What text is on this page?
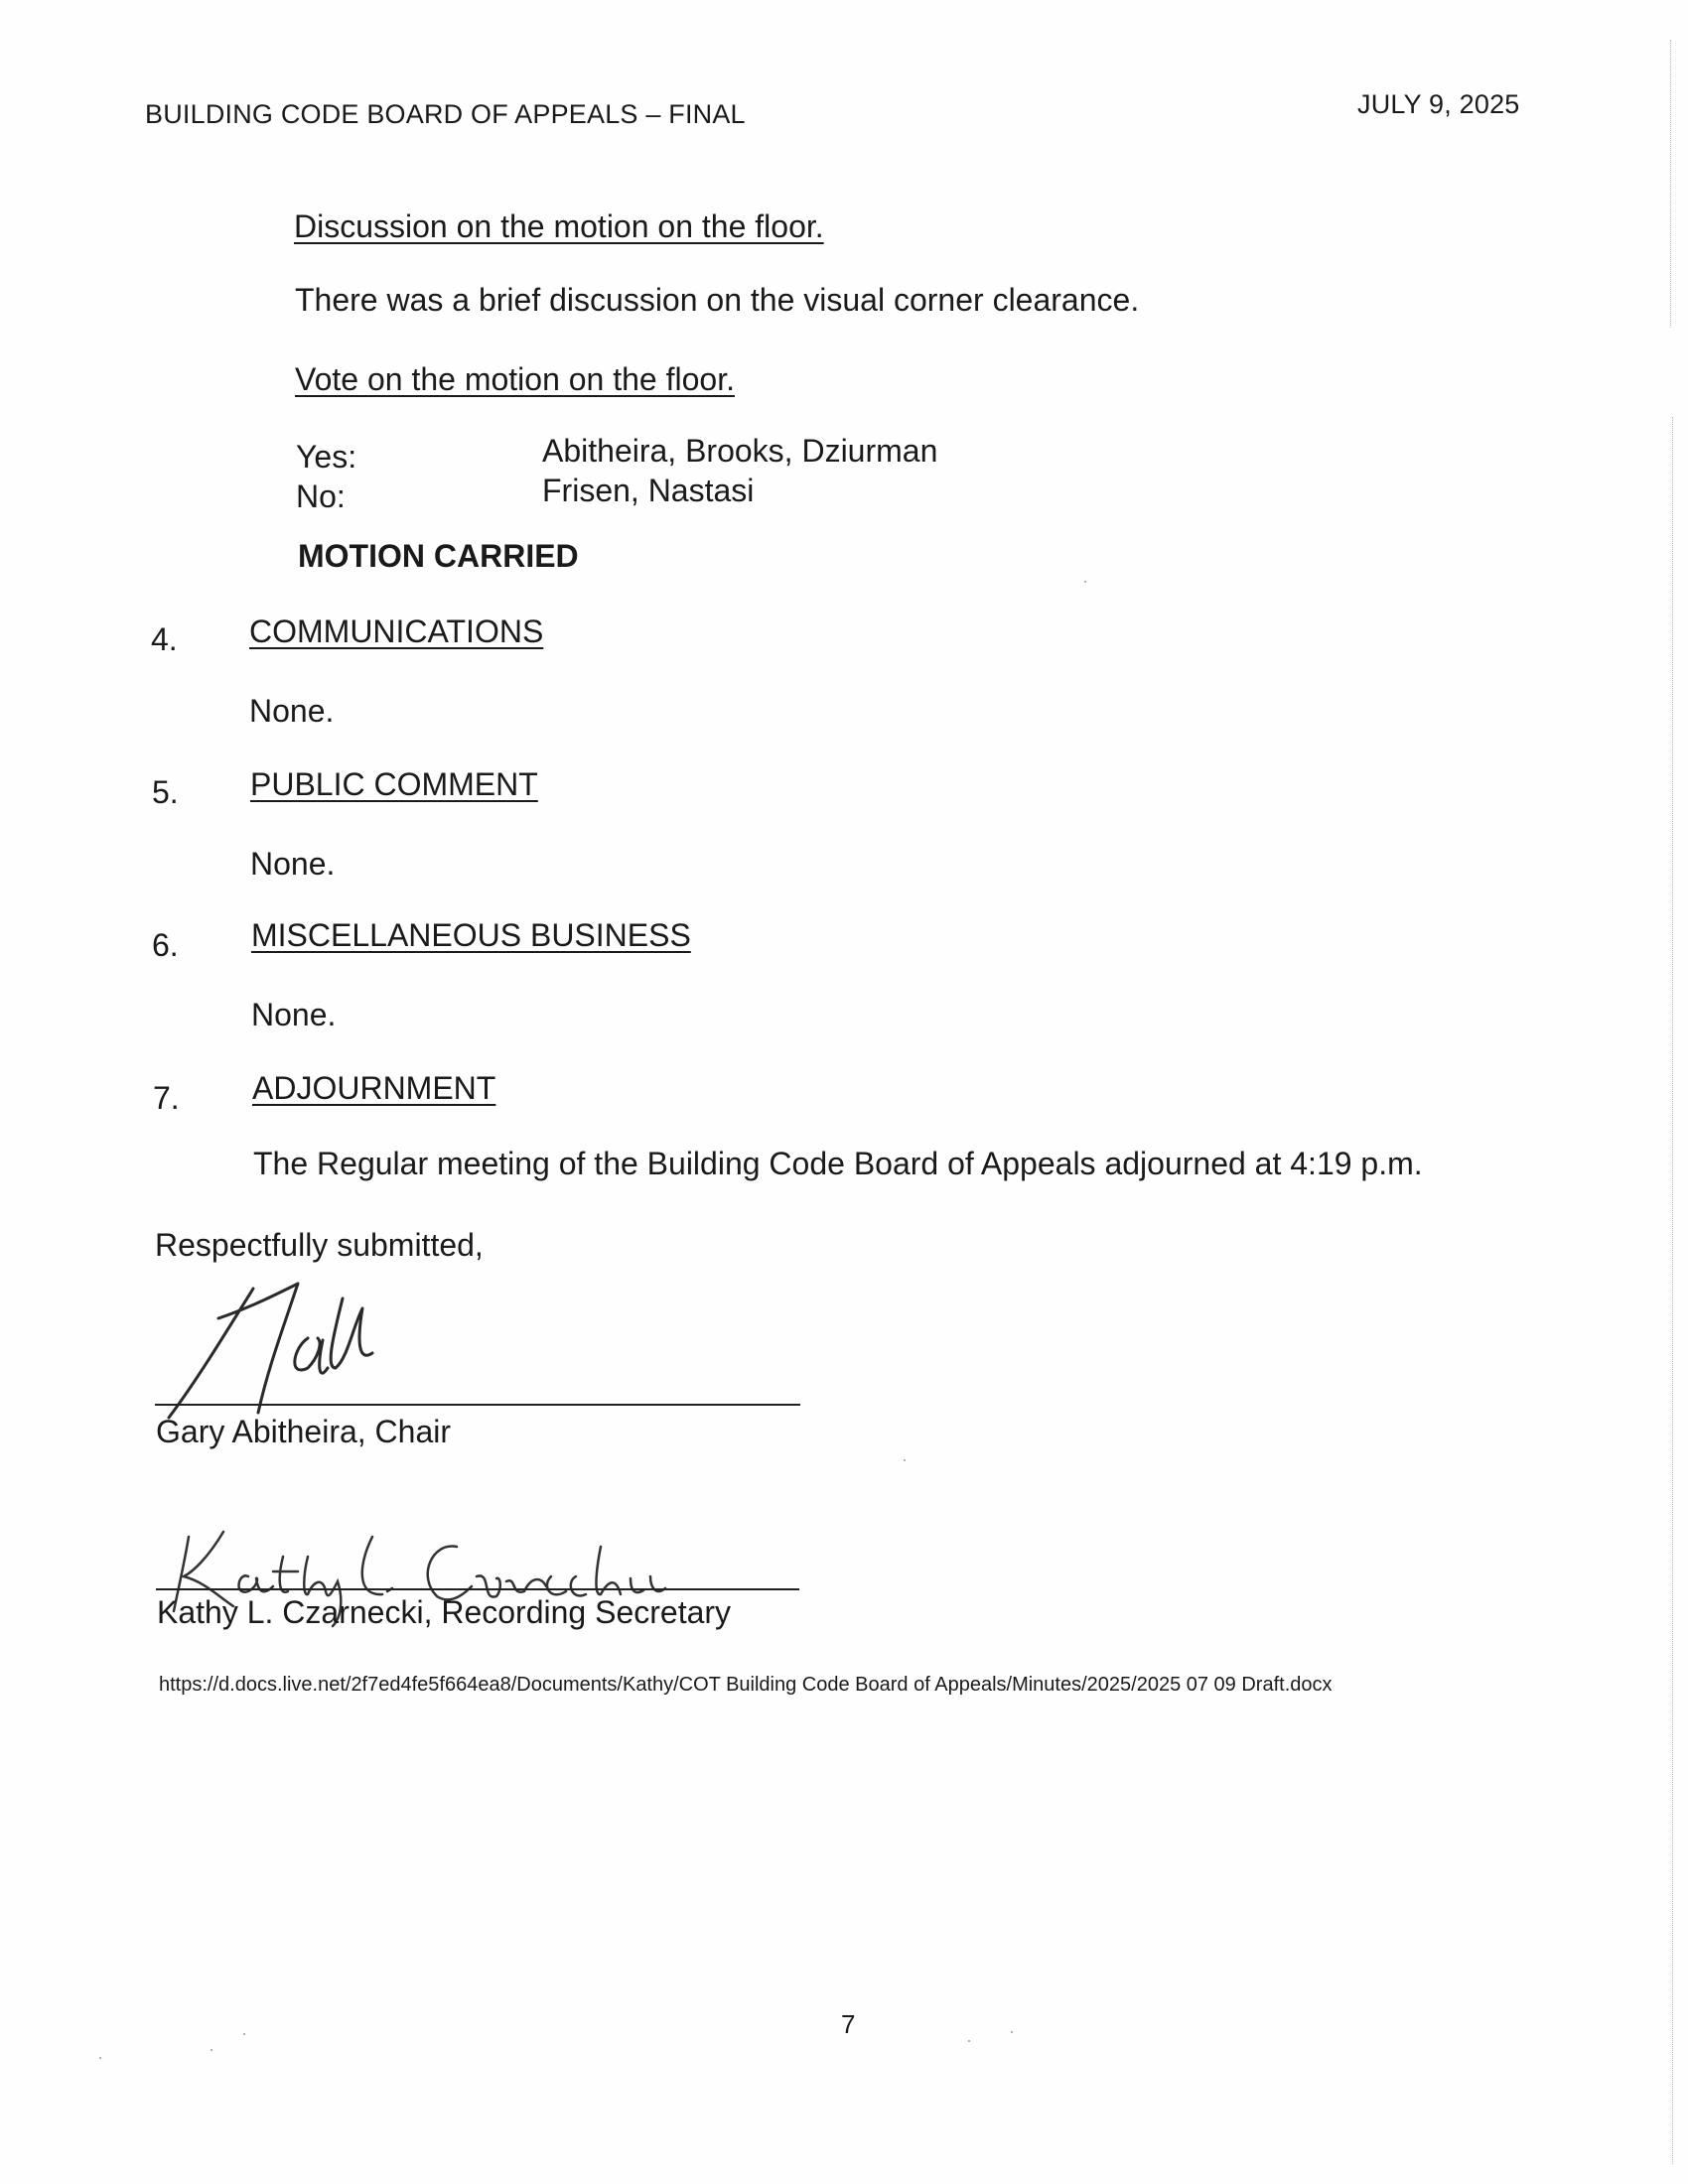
BUILDING CODE BOARD OF APPEALS – FINAL	JULY 9, 2025
Discussion on the motion on the floor.
There was a brief discussion on the visual corner clearance.
Vote on the motion on the floor.
Yes:	Abitheira, Brooks, Dziurman
No:	Frisen, Nastasi
MOTION CARRIED
4. COMMUNICATIONS
None.
5. PUBLIC COMMENT
None.
6. MISCELLANEOUS BUSINESS
None.
7. ADJOURNMENT
The Regular meeting of the Building Code Board of Appeals adjourned at 4:19 p.m.
Respectfully submitted,
Gary Abitheira, Chair
Kathy L. Czarnecki, Recording Secretary
https://d.docs.live.net/2f7ed4fe5f664ea8/Documents/Kathy/COT Building Code Board of Appeals/Minutes/2025/2025 07 09 Draft.docx
7
